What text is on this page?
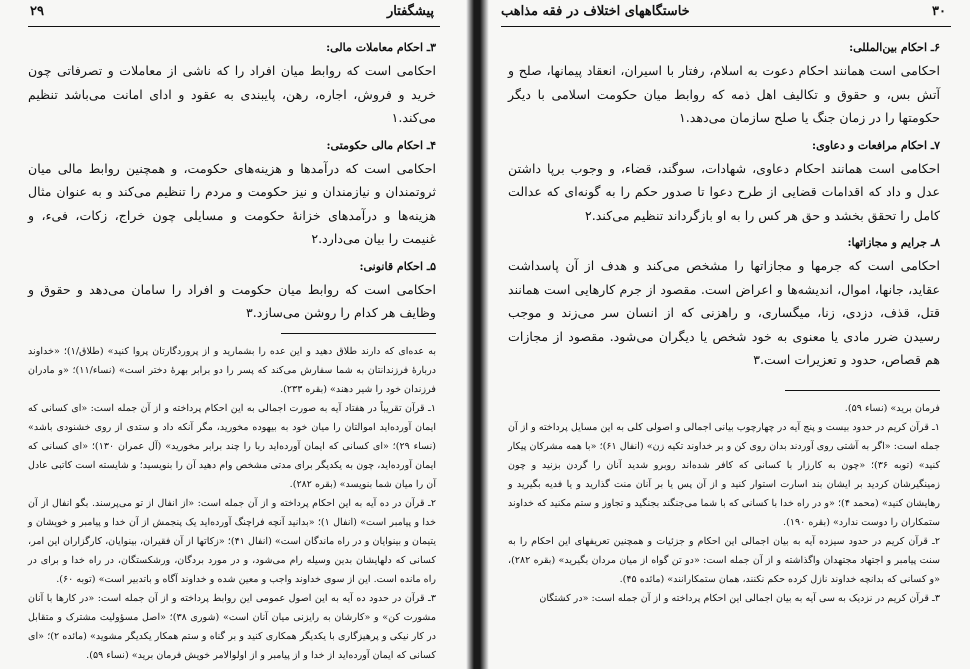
پیشگفتار
۲۹
۳ـ احکام معاملات مالی:

احکامی است که روابط میان افراد را که ناشی از معاملات و تصرفاتی چون خرید و فروش، اجاره، رهن، پایبندی به عقود و ادای امانت می‌باشد تنظیم می‌کند.۱

۴ـ احکام مالی حکومتی:

احکامی است که درآمدها و هزینه‌های حکومت، و همچنین روابط مالی میان ثروتمندان و نیازمندان و نیز حکومت و مردم را تنظیم می‌کند و به عنوان مثال هزینه‌ها و درآمدهای خزانهٔ حکومت و مسایلی چون خراج، زکات، فیء، و غنیمت را بیان می‌دارد.۲

۵ـ احکام قانونی:

احکامی است که روابط میان حکومت و افراد را سامان می‌دهد و حقوق و وظایف هر کدام را روشن می‌سازد.۳

به عده‌ای که دارند طلاق دهید و این عده را بشمارید و از پروردگارتان پروا کنید» (طلاق/۱)؛ «خداوند دربارهٔ فرزندانتان به شما سفارش می‌کند که پسر را دو برابر بهرهٔ دختر است» (نساء/۱۱)؛ «و مادران فرزندان خود را شیر دهند» (بقره ۲۳۳).

۱ـ قرآن تقریباً در هفتاد آیه به صورت اجمالی به این احکام پرداخته و از آن جمله است: «ای کسانی که ایمان آورده‌اید اموالتان را میان خود به بیهوده مخورید، مگر آنکه داد و ستدی از روی خشنودی باشد» (نساء ۲۹)؛ «ای کسانی که ایمان آورده‌اید ربا را چند برابر مخورید» (آل عمران ۱۳۰)؛ «ای کسانی که ایمان آورده‌اید، چون به یکدیگر برای مدتی مشخص وام دهید آن را بنویسید؛ و شایسته است کاتبی عادل آن را میان شما بنویسد» (بقره ۲۸۲).

۲ـ قرآن در ده آیه به این احکام پرداخته و از آن جمله است: «از انفال از تو می‌پرسند. بگو انفال از آن خدا و پیامبر است» (انفال ۱)؛ «بدانید آنچه فراچنگ آورده‌اید یک پنجمش از آن خدا و پیامبر و خویشان و یتیمان و بینوایان و در راه ماندگان است» (انفال ۴۱)؛ «زکاتها از آن فقیران، بینوایان، کارگزاران این امر، کسانی که دلهایشان بدین وسیله رام می‌شود، و در مورد بردگان، ورشکستگان، در راه خدا و برای در راه مانده است. این از سوی خداوند واجب و معین شده و خداوند آگاه و باتدبیر است» (توبه ۶۰).

۳ـ قرآن در حدود ده آیه به این اصول عمومی این روابط پرداخته و از آن جمله است: «در کارها با آنان مشورت کن» و «کارشان به رایزنی میان آنان است» (شوری ۳۸)؛ «اصل مسؤولیت مشترک و متقابل در کار نیکی و پرهیزگاری با یکدیگر همکاری کنید و بر گناه و ستم همکار یکدیگر مشوید» (مائده ۲)؛ «ای کسانی که ایمان آورده‌اید از خدا و از پیامبر و از اولوالامر خویش فرمان برید» (نساء ۵۹).

۳۰
خاستگاههای اختلاف در فقه مذاهب
۶ـ احکام بین‌المللی:

احکامی است همانند احکام دعوت به اسلام، رفتار با اسیران، انعقاد پیمانها، صلح و آتش بس، و حقوق و تکالیف اهل ذمه که روابط میان حکومت اسلامی با دیگر حکومتها را در زمان جنگ یا صلح سازمان می‌دهد.۱

۷ـ احکام مرافعات و دعاوی:

احکامی است همانند احکام دعاوی، شهادات، سوگند، قضاء، و وجوب برپا داشتن عدل و داد که اقدامات قضایی از طرح دعوا تا صدور حکم را به گونه‌ای که عدالت کامل را تحقق بخشد و حق هر کس را به او بازگرداند تنظیم می‌کند.۲

۸ـ جرایم و مجازاتها:

احکامی است که جرمها و مجازاتها را مشخص می‌کند و هدف از آن پاسداشت عقاید، جانها، اموال، اندیشه‌ها و اعراض است. مقصود از جرم کارهایی است همانند قتل، قذف، دزدی، زنا، میگساری، و راهزنی که از انسان سر می‌زند و موجب رسیدن ضرر مادی یا معنوی به خود شخص یا دیگران می‌شود. مقصود از مجازات هم قصاص، حدود و تعزیرات است.۳

فرمان برید» (نساء ۵۹).

۱ـ قرآن کریم در حدود بیست و پنج آیه در چهارچوب بیانی اجمالی و اصولی کلی به این مسایل پرداخته و از آن جمله است: «اگر به آشتی روی آوردند بدان روی کن و بر خداوند تکیه زن» (انفال ۶۱)؛ «با همه مشرکان پیکار کنید» (توبه ۳۶)؛ «چون به کارزار با کسانی که کافر شده‌اند روبرو شدید آنان را گردن بزنید و چون زمینگیرشان کردید بر ایشان بند اسارت استوار کنید و از آن پس یا بر آنان منت گذارید و یا فدیه بگیرید و رهایشان کنید» (محمد ۴)؛ «و در راه خدا با کسانی که با شما می‌جنگند بجنگید و تجاوز و ستم مکنید که خداوند ستمکاران را دوست ندارد» (بقره ۱۹۰).

۲ـ قرآن کریم در حدود سیزده آیه به بیان اجمالی این احکام و جزئیات و همچنین تعریفهای این احکام را به سنت پیامبر و اجتهاد مجتهدان واگذاشته و از آن جمله است: «دو تن گواه از میان مردان بگیرید» (بقره ۲۸۲)، «و کسانی که بدانچه خداوند نازل کرده حکم نکنند، همان ستمکارانند» (مائده ۴۵).

۳ـ قرآن کریم در نزدیک به سی آیه به بیان اجمالی این احکام پرداخته و از آن جمله است: «در کشتگان
